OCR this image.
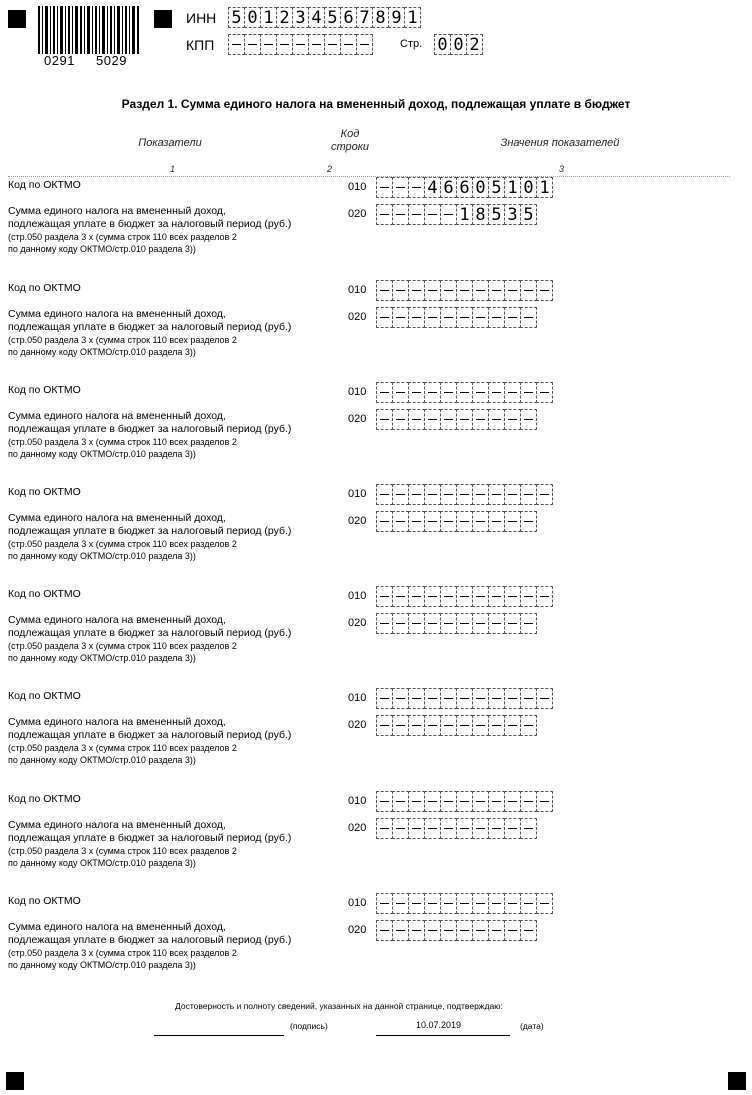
0291 5029
ИНН 5 0 1 2 3 4 5 6 7 8 9 1
КПП	Стр. 0 0 2
Раздел 1. Сумма единого налога на вмененный доход, подлежащая уплате в бюджет
Показатели
Код
строки	Значения показателей
1	2	3
Код по ОКТМО	010	4 6 6 0 5 1 0 1
Сумма единого налога на вмененный доход,
подлежащая уплате в бюджет за налоговый период (руб.)
(стр.050 раздела 3 х (сумма строк 110 всех разделов 2
по данному коду ОКТМО/стр.010 раздела 3))
020	1 8 5 3 5
Код по ОКТМО	010
Сумма единого налога на вмененный доход,
подлежащая уплате в бюджет за налоговый период (руб.)
(стр.050 раздела 3 х (сумма строк 110 всех разделов 2
по данному коду ОКТМО/стр.010 раздела 3))
020
Код по ОКТМО	010
Сумма единого налога на вмененный доход,
подлежащая уплате в бюджет за налоговый период (руб.)
(стр.050 раздела 3 х (сумма строк 110 всех разделов 2
по данному коду ОКТМО/стр.010 раздела 3))
020
Код по ОКТМО	010
Сумма единого налога на вмененный доход,
подлежащая уплате в бюджет за налоговый период (руб.)
(стр.050 раздела 3 х (сумма строк 110 всех разделов 2
по данному коду ОКТМО/стр.010 раздела 3))
020
Код по ОКТМО	010
Сумма единого налога на вмененный доход,
подлежащая уплате в бюджет за налоговый период (руб.)
(стр.050 раздела 3 х (сумма строк 110 всех разделов 2
по данному коду ОКТМО/стр.010 раздела 3))
020
Код по ОКТМО	010
Сумма единого налога на вмененный доход,
подлежащая уплате в бюджет за налоговый период (руб.)
(стр.050 раздела 3 х (сумма строк 110 всех разделов 2
по данному коду ОКТМО/стр.010 раздела 3))
020
Код по ОКТМО	010
Сумма единого налога на вмененный доход,
подлежащая уплате в бюджет за налоговый период (руб.)
(стр.050 раздела 3 х (сумма строк 110 всех разделов 2
по данному коду ОКТМО/стр.010 раздела 3))
020
Код по ОКТМО	010
Сумма единого налога на вмененный доход,
подлежащая уплате в бюджет за налоговый период (руб.)
(стр.050 раздела 3 х (сумма строк 110 всех разделов 2
по данному коду ОКТМО/стр.010 раздела 3))
020
Достоверность и полноту сведений, указанных на данной странице, подтверждаю:
(подпись)	10.07.2019	(дата)
